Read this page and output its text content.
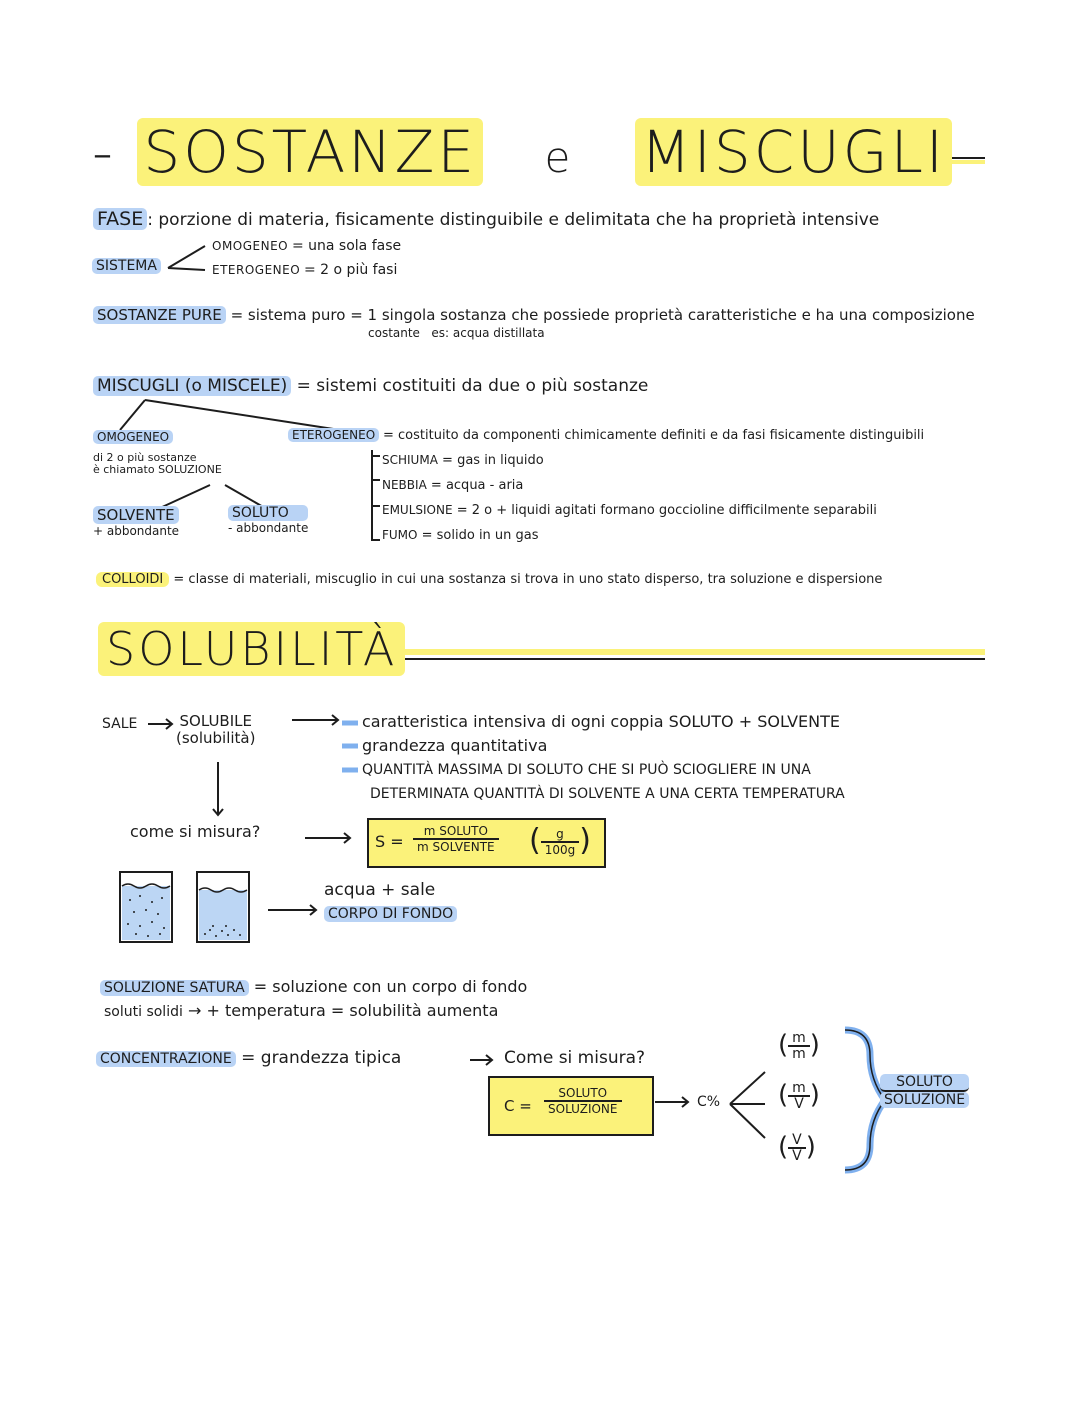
- SOSTANZE e MISCUGLI
FASE : porzione di materia, fisicamente distinguibile e delimitata che ha proprietà intensive
SISTEMA
OMOGENEO = una sola fase
ETEROGENEO = 2 o più fasi
SOSTANZE PURE = sistema puro = 1 singola sostanza che possiede proprietà caratteristiche e ha una composizione
costante es: acqua distillata
MISCUGLI (o MISCELE) = sistemi costituiti da due o più sostanze
OMOGENEO
di 2 o più sostanze
è chiamato SOLUZIONE
SOLVENTE
+ abbondante
SOLUTO
- abbondante
ETEROGENEO = costituito da componenti chimicamente definiti e da fasi fisicamente distinguibili
SCHIUMA = gas in liquido
NEBBIA = acqua - aria
EMULSIONE = 2 o + liquidi agitati formano goccioline difficilmente separabili
FUMO = solido in un gas
COLLOIDI = classe di materiali, miscuglio in cui una sostanza si trova in uno stato disperso, tra soluzione e dispersione
SOLUBILITÀ
SALE	SOLUBILE
(solubilità)
caratteristica intensiva di ogni coppia SOLUTO + SOLVENTE
grandezza quantitativa
QUANTITÀ MASSIMA DI SOLUTO CHE SI PUÒ SCIOGLIERE IN UNA
DETERMINATA QUANTITÀ DI SOLVENTE A UNA CERTA TEMPERATURA
come si misura?
$S = \frac{\text{m SOLUTO}}{\text{m SOLVENTE}}$ ( $\frac{g}{100g}$ )
acqua + sale
CORPO DI FONDO
SOLUZIONE SATURA = soluzione con un corpo di fondo
soluti solidi → + temperatura = solubilità aumenta
CONCENTRAZIONE = grandezza tipica	Come si misura?
$C = \frac{\text{SOLUTO}}{\text{SOLUZIONE}}$	C%
( $\frac{m}{m}$ )
( $\frac{m}{V}$ )
( $\frac{V}{V}$ )
$\frac{\text{SOLUTO}}{\text{SOLUZIONE}}$
